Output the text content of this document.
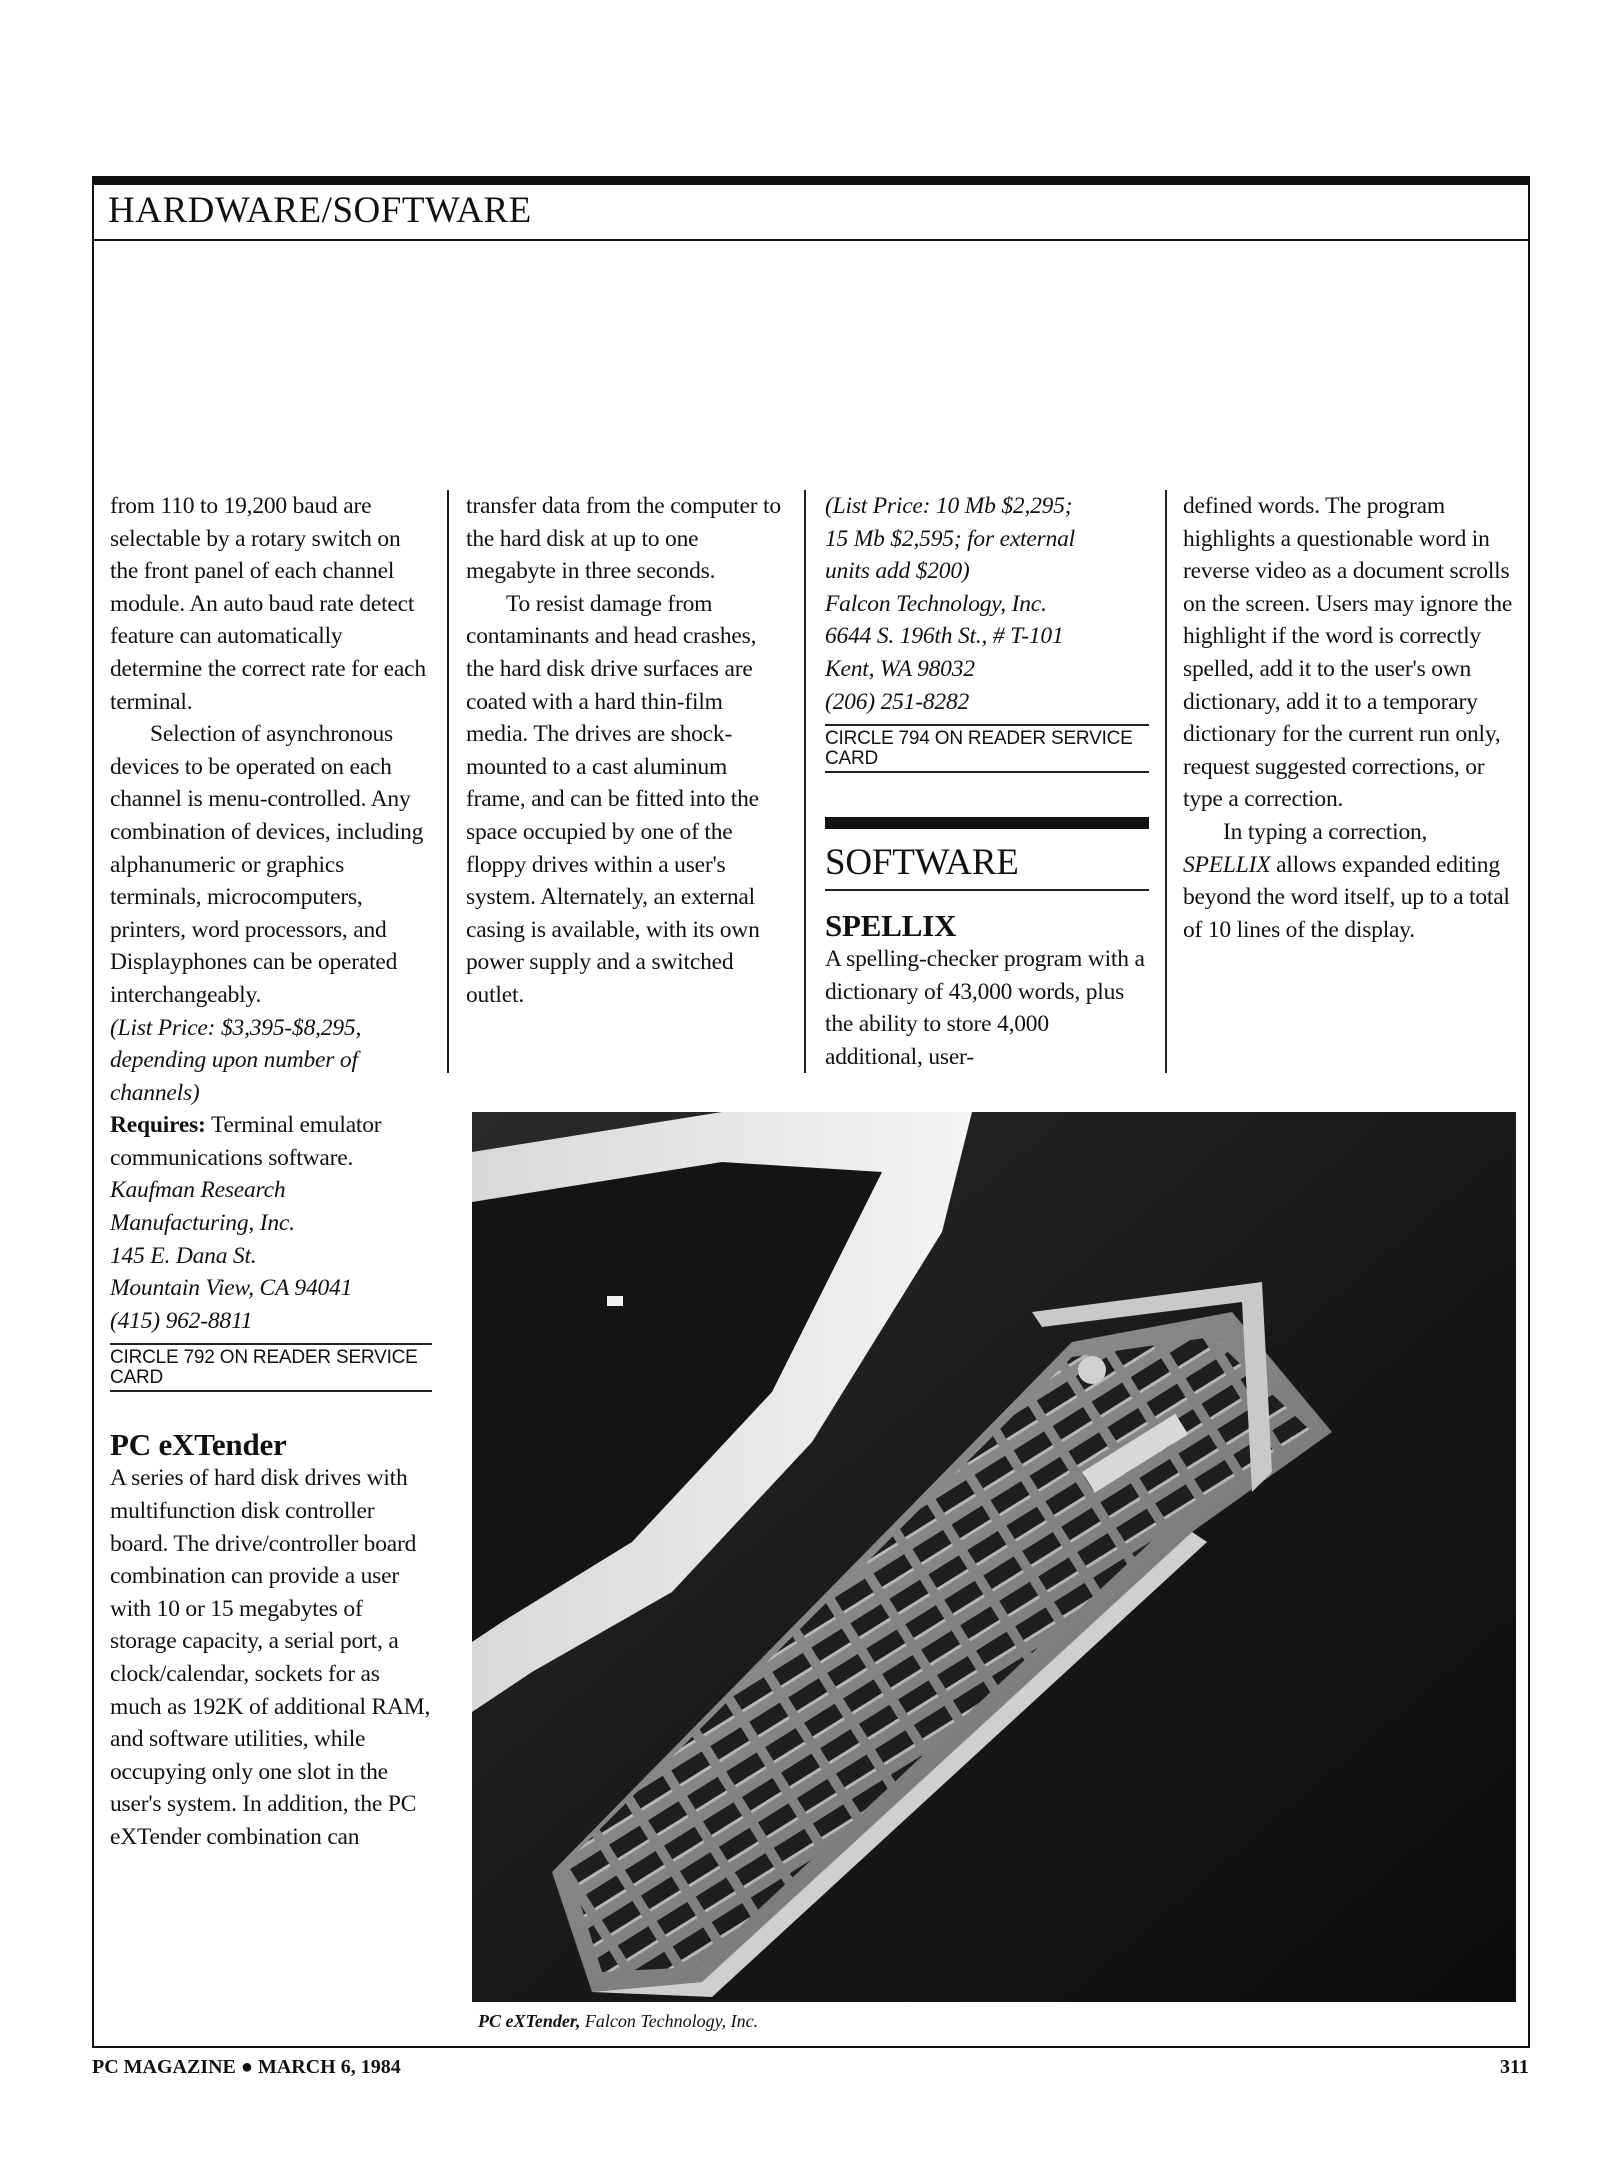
HARDWARE/SOFTWARE

from 110 to 19,200 baud are selectable by a rotary switch on the front panel of each channel module. An auto baud rate detect feature can automatically determine the correct rate for each terminal.

Selection of asynchronous devices to be operated on each channel is menu-controlled. Any combination of devices, including alphanumeric or graphics terminals, microcomputers, printers, word processors, and Displayphones can be operated interchangeably.

(List Price: $3,395-$8,295, depending upon number of channels)

Requires: Terminal emulator communications software.

Kaufman Research Manufacturing, Inc.
145 E. Dana St.
Mountain View, CA 94041
(415) 962-8811
CIRCLE 792 ON READER SERVICE CARD
PC eXTender

A series of hard disk drives with multifunction disk controller board. The drive/controller board combination can provide a user with 10 or 15 megabytes of storage capacity, a serial port, a clock/calendar, sockets for as much as 192K of additional RAM, and software utilities, while occupying only one slot in the user's system. In addition, the PC eXTender combination can

transfer data from the computer to the hard disk at up to one megabyte in three seconds.

To resist damage from contaminants and head crashes, the hard disk drive surfaces are coated with a hard thin-film media. The drives are shock-mounted to a cast aluminum frame, and can be fitted into the space occupied by one of the floppy drives within a user's system. Alternately, an external casing is available, with its own power supply and a switched outlet.

(List Price: 10 Mb $2,295;
15 Mb $2,595; for external
units add $200)
Falcon Technology, Inc.
6644 S. 196th St., # T-101
Kent, WA 98032
(206) 251-8282
CIRCLE 794 ON READER SERVICE CARD
SOFTWARE
SPELLIX

A spelling-checker program with a dictionary of 43,000 words, plus the ability to store 4,000 additional, user-

defined words. The program highlights a questionable word in reverse video as a document scrolls on the screen. Users may ignore the highlight if the word is correctly spelled, add it to the user's own dictionary, add it to a temporary dictionary for the current run only, request suggested corrections, or type a correction.

In typing a correction, SPELLIX allows expanded editing beyond the word itself, up to a total of 10 lines of the display.

PC eXTender, Falcon Technology, Inc.
PC MAGAZINE ● MARCH 6, 1984	311
